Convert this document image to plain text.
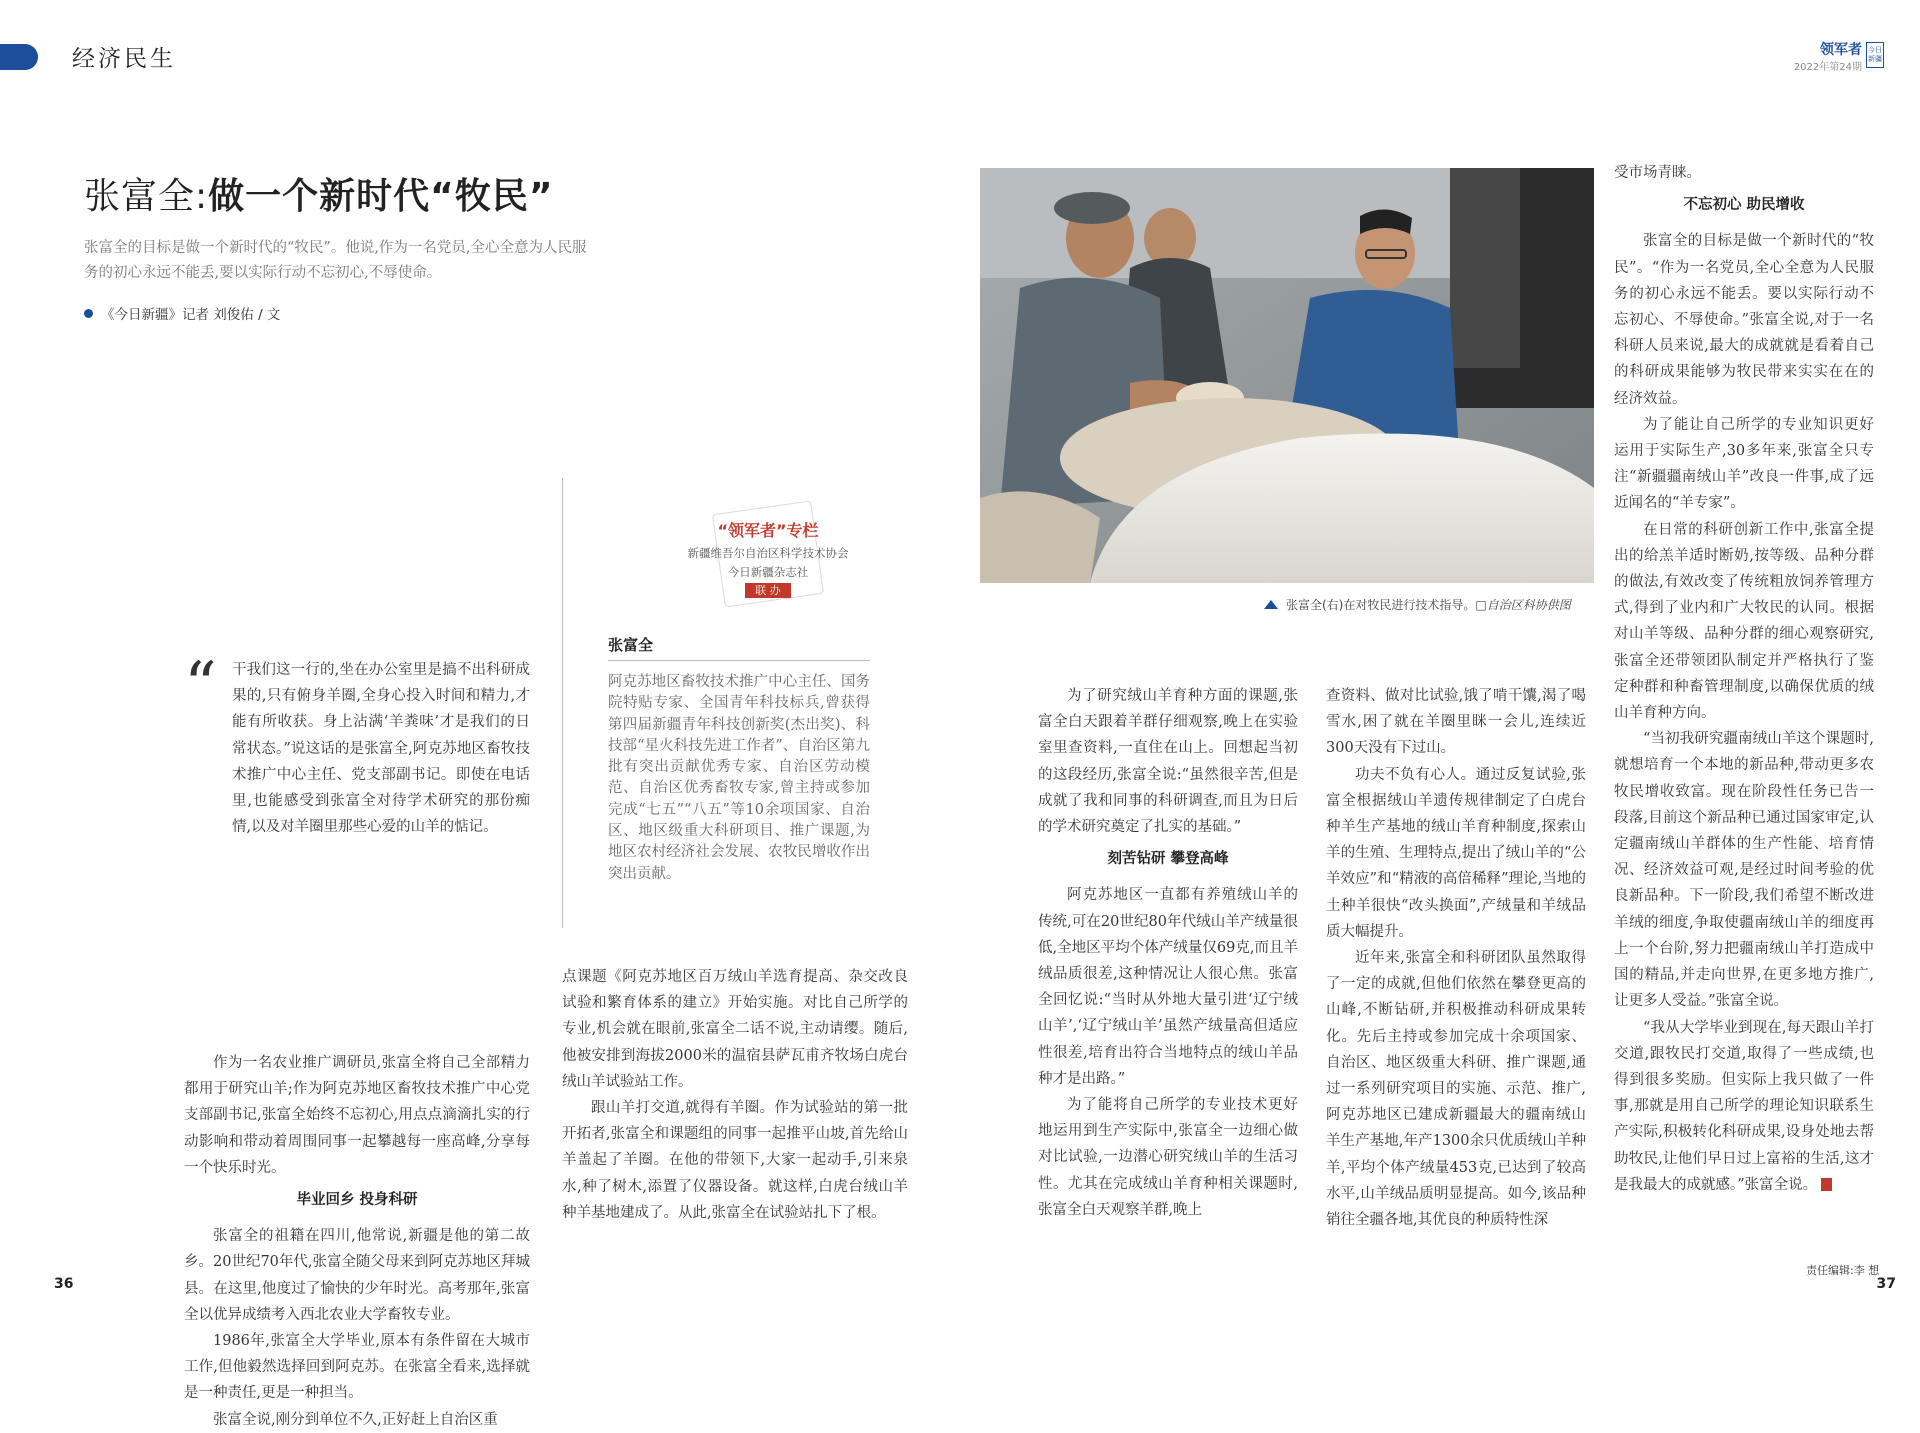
经济民生	领军者
2022年第24期
今日新疆
张富全:做一个新时代“牧民”
张富全的目标是做一个新时代的“牧民”。他说,作为一名党员,全心全意为人民服务的初心永远不能丢,要以实际行动不忘初心,不辱使命。
《今日新疆》记者 刘俊佑 / 文
“领军者”专栏
新疆维吾尔自治区科学技术协会
今日新疆杂志社
联 办
张富全
阿克苏地区畜牧技术推广中心主任、国务院特贴专家、全国青年科技标兵,曾获得第四届新疆青年科技创新奖(杰出奖)、科技部“星火科技先进工作者”、自治区第九批有突出贡献优秀专家、自治区劳动模范、自治区优秀畜牧专家,曾主持或参加完成“七五”“八五”等10余项国家、自治区、地区级重大科研项目、推广课题,为地区农村经济社会发展、农牧民增收作出突出贡献。
张富全(右)在对牧民进行技术指导。□自治区科协供图
“ 干我们这一行的,坐在办公室里是搞不出科研成果的,只有俯身羊圈,全身心投入时间和精力,才能有所收获。身上沾满‘羊粪味’才是我们的日常状态。”说这话的是张富全,阿克苏地区畜牧技术推广中心主任、党支部副书记。即使在电话里,也能感受到张富全对待学术研究的那份痴情,以及对羊圈里那些心爱的山羊的惦记。

作为一名农业推广调研员,张富全将自己全部精力都用于研究山羊;作为阿克苏地区畜牧技术推广中心党支部副书记,张富全始终不忘初心,用点点滴滴扎实的行动影响和带动着周围同事一起攀越每一座高峰,分享每一个快乐时光。

毕业回乡 投身科研

张富全的祖籍在四川,他常说,新疆是他的第二故乡。20世纪70年代,张富全随父母来到阿克苏地区拜城县。在这里,他度过了愉快的少年时光。高考那年,张富全以优异成绩考入西北农业大学畜牧专业。

1986年,张富全大学毕业,原本有条件留在大城市工作,但他毅然选择回到阿克苏。在张富全看来,选择就是一种责任,更是一种担当。

张富全说,刚分到单位不久,正好赶上自治区重

点课题《阿克苏地区百万绒山羊选育提高、杂交改良试验和繁育体系的建立》开始实施。对比自己所学的专业,机会就在眼前,张富全二话不说,主动请缨。随后,他被安排到海拔2000米的温宿县萨瓦甫齐牧场白虎台绒山羊试验站工作。

跟山羊打交道,就得有羊圈。作为试验站的第一批开拓者,张富全和课题组的同事一起推平山坡,首先给山羊盖起了羊圈。在他的带领下,大家一起动手,引来泉水,种了树木,添置了仪器设备。就这样,白虎台绒山羊种羊基地建成了。从此,张富全在试验站扎下了根。

为了研究绒山羊育种方面的课题,张富全白天跟着羊群仔细观察,晚上在实验室里查资料,一直住在山上。回想起当初的这段经历,张富全说:“虽然很辛苦,但是成就了我和同事的科研调查,而且为日后的学术研究奠定了扎实的基础。”

刻苦钻研 攀登高峰

阿克苏地区一直都有养殖绒山羊的传统,可在20世纪80年代绒山羊产绒量很低,全地区平均个体产绒量仅69克,而且羊绒品质很差,这种情况让人很心焦。张富全回忆说:“当时从外地大量引进‘辽宁绒山羊’,‘辽宁绒山羊’虽然产绒量高但适应性很差,培育出符合当地特点的绒山羊品种才是出路。”

为了能将自己所学的专业技术更好地运用到生产实际中,张富全一边细心做对比试验,一边潜心研究绒山羊的生活习性。尤其在完成绒山羊育种相关课题时,张富全白天观察羊群,晚上

查资料、做对比试验,饿了啃干馕,渴了喝雪水,困了就在羊圈里眯一会儿,连续近300天没有下过山。

功夫不负有心人。通过反复试验,张富全根据绒山羊遗传规律制定了白虎台种羊生产基地的绒山羊育种制度,探索山羊的生殖、生理特点,提出了绒山羊的“公羊效应”和“精液的高倍稀释”理论,当地的土种羊很快“改头换面”,产绒量和羊绒品质大幅提升。

近年来,张富全和科研团队虽然取得了一定的成就,但他们依然在攀登更高的山峰,不断钻研,并积极推动科研成果转化。先后主持或参加完成十余项国家、自治区、地区级重大科研、推广课题,通过一系列研究项目的实施、示范、推广,阿克苏地区已建成新疆最大的疆南绒山羊生产基地,年产1300余只优质绒山羊种羊,平均个体产绒量453克,已达到了较高水平,山羊绒品质明显提高。如今,该品种销往全疆各地,其优良的种质特性深

受市场青睐。

不忘初心 助民增收

张富全的目标是做一个新时代的“牧民”。“作为一名党员,全心全意为人民服务的初心永远不能丢。要以实际行动不忘初心、不辱使命。”张富全说,对于一名科研人员来说,最大的成就就是看着自己的科研成果能够为牧民带来实实在在的经济效益。

为了能让自己所学的专业知识更好运用于实际生产,30多年来,张富全只专注“新疆疆南绒山羊”改良一件事,成了远近闻名的“羊专家”。

在日常的科研创新工作中,张富全提出的给羔羊适时断奶,按等级、品种分群的做法,有效改变了传统粗放饲养管理方式,得到了业内和广大牧民的认同。根据对山羊等级、品种分群的细心观察研究,张富全还带领团队制定并严格执行了鉴定种群和种畜管理制度,以确保优质的绒山羊育种方向。

“当初我研究疆南绒山羊这个课题时,就想培育一个本地的新品种,带动更多农牧民增收致富。现在阶段性任务已告一段落,目前这个新品种已通过国家审定,认定疆南绒山羊群体的生产性能、培育情况、经济效益可观,是经过时间考验的优良新品种。下一阶段,我们希望不断改进羊绒的细度,争取使疆南绒山羊的细度再上一个台阶,努力把疆南绒山羊打造成中国的精品,并走向世界,在更多地方推广,让更多人受益。”张富全说。

“我从大学毕业到现在,每天跟山羊打交道,跟牧民打交道,取得了一些成绩,也得到很多奖励。但实际上我只做了一件事,那就是用自己所学的理论知识联系生产实际,积极转化科研成果,设身处地去帮助牧民,让他们早日过上富裕的生活,这才是我最大的成就感。”张富全说。

36	37
责任编辑:李 想
